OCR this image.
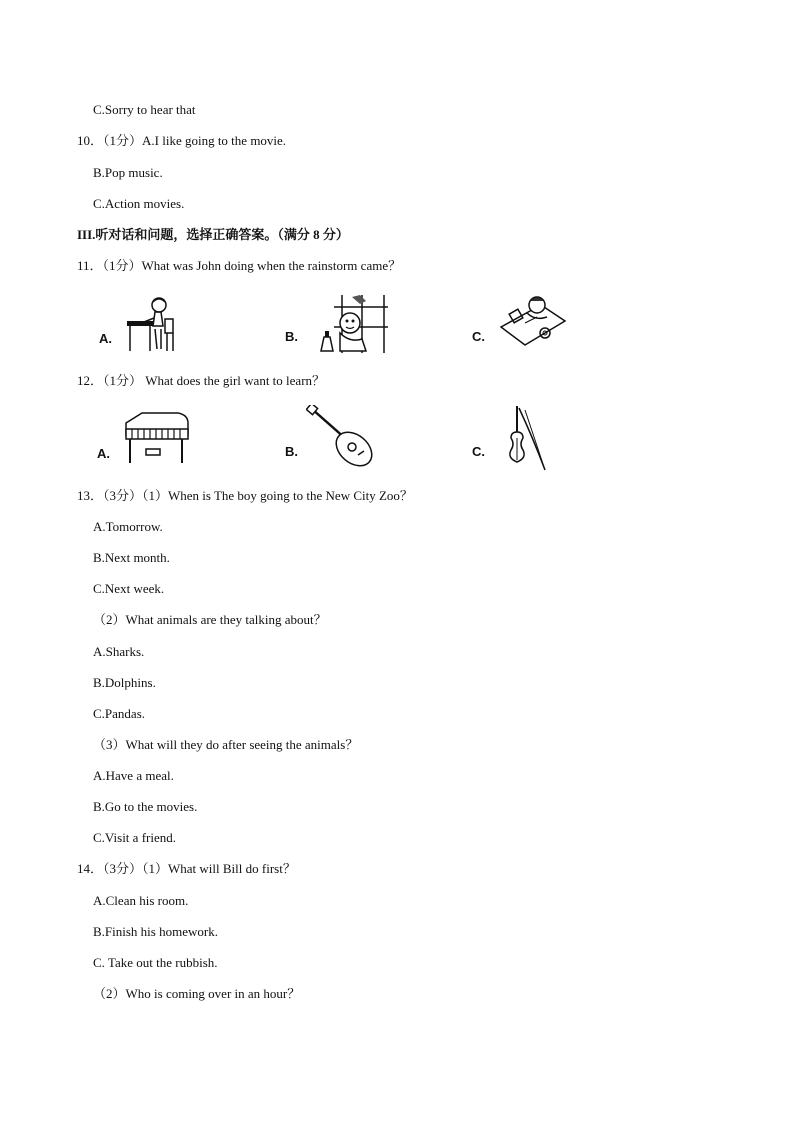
C.Sorry to hear that
10．（1分）A.I like going to the movie.
B.Pop music.
C.Action movies.
III.听对话和问题，选择正确答案。（满分 8 分）
11．（1分）What was John doing when the rainstorm came？
A.	B.	C.
12．（1分） What does the girl want to learn？
A.	B.	C.
13．（3分）（1）When is The boy going to the New City Zoo？
A.Tomorrow.
B.Next month.
C.Next week.
（2）What animals are they talking about？
A.Sharks.
B.Dolphins.
C.Pandas.
（3）What will they do after seeing the animals？
A.Have a meal.
B.Go to the movies.
C.Visit a friend.
14．（3分）（1）What will Bill do first？
A.Clean his room.
B.Finish his homework.
C. Take out the rubbish.
（2）Who is coming over in an hour？
